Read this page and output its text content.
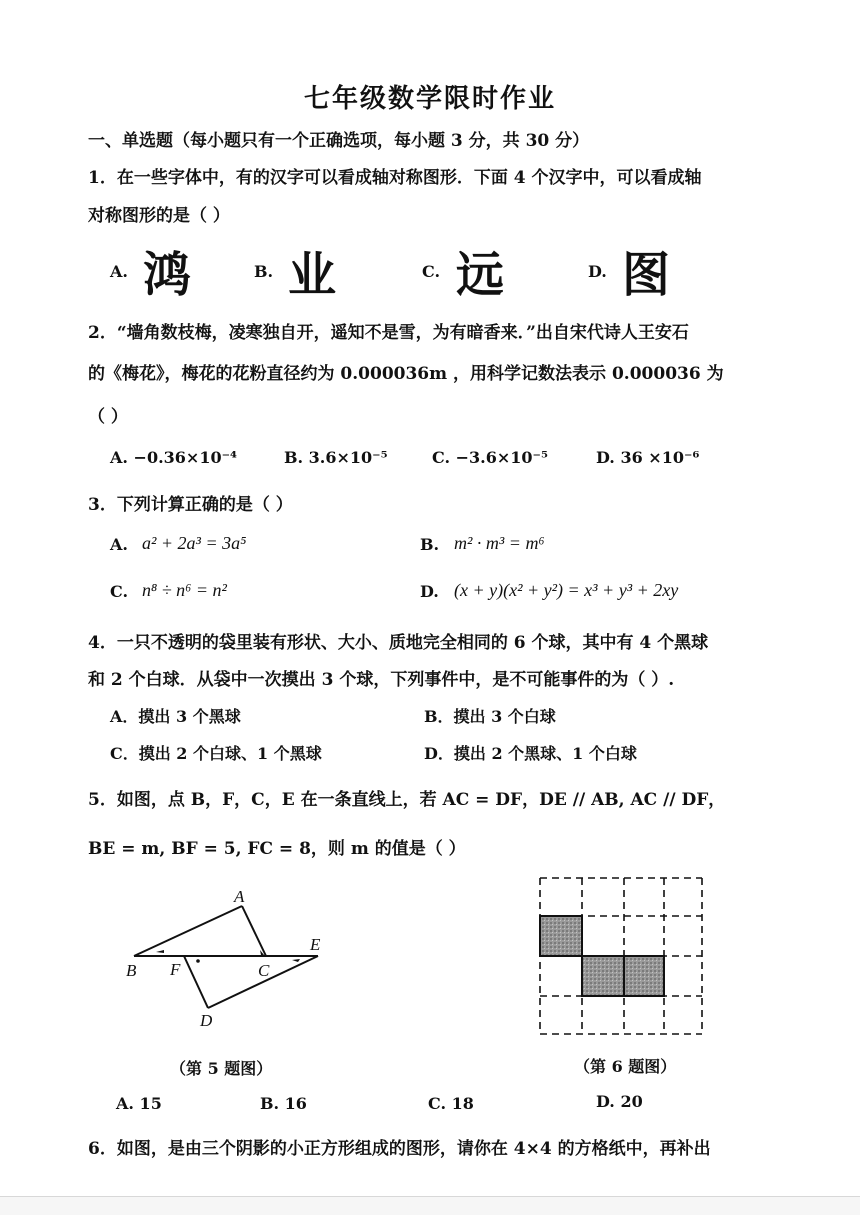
七年级数学限时作业
一、单选题（每小题只有一个正确选项，每小题 3 分，共 30 分）
1．在一些字体中，有的汉字可以看成轴对称图形．下面 4 个汉字中，可以看成轴
对称图形的是（ ）
A. 鸿	B. 业	C. 远	D. 图
2．“墙角数枝梅，凌寒独自开，遥知不是雪，为有暗香来．”出自宋代诗人王安石
的《梅花》，梅花的花粉直径约为 0.000036m ，用科学记数法表示 0.000036 为
（ ）
A. −0.36×10⁻⁴	B. 3.6×10⁻⁵	C. −3.6×10⁻⁵	D. 36 ×10⁻⁶
3．下列计算正确的是（ ）
A. a² + 2a³ = 3a⁵	B. m² · m³ = m⁶
C. n⁸ ÷ n⁶ = n²	D. (x + y)(x² + y²) = x³ + y³ + 2xy
4．一只不透明的袋里装有形状、大小、质地完全相同的 6 个球，其中有 4 个黑球
和 2 个白球．从袋中一次摸出 3 个球，下列事件中，是不可能事件的为（ ）.
A．摸出 3 个黑球	B．摸出 3 个白球
C．摸出 2 个白球、1 个黑球	D．摸出 2 个黑球、1 个白球
5．如图，点 B，F，C，E 在一条直线上，若 AC = DF，DE // AB, AC // DF，
BE = m, BF = 5, FC = 8，则 m 的值是（ ）
A
B F	C
E
D
（第 5 题图）	（第 6 题图）
A. 15	B. 16	C. 18	D. 20
6．如图，是由三个阴影的小正方形组成的图形，请你在 4×4 的方格纸中，再补出
